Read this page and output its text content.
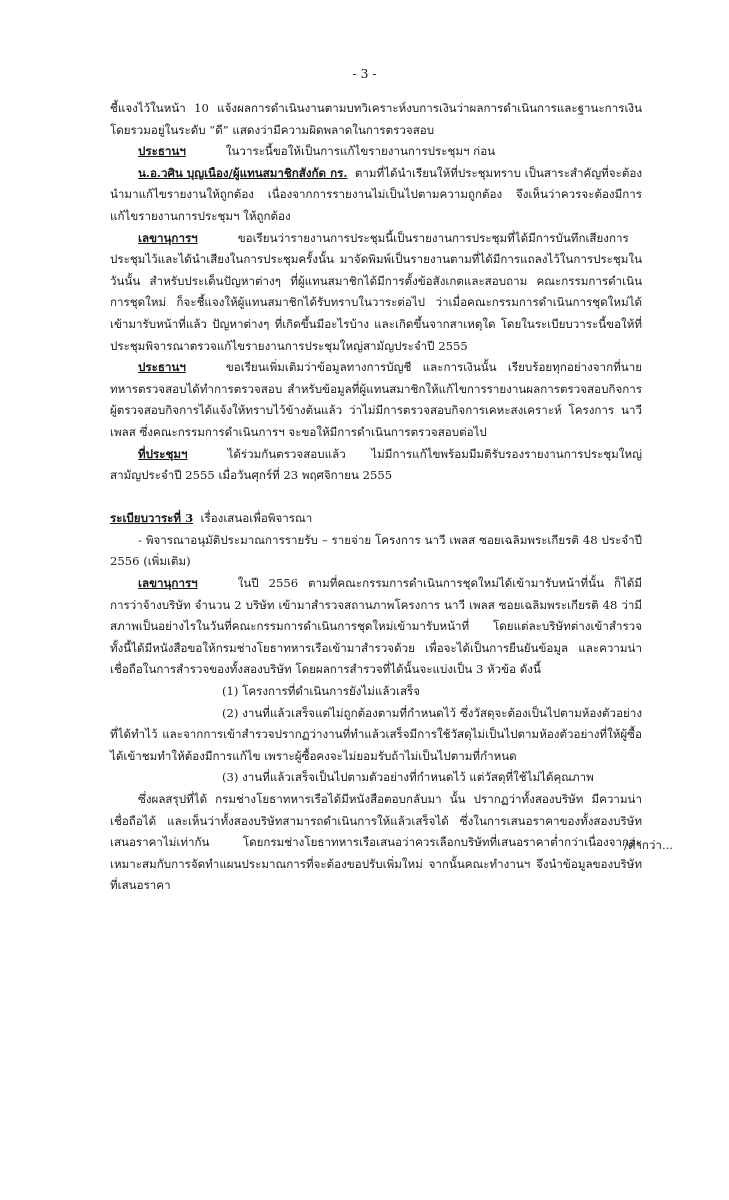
- 3 -

ชี้แจงไว้ในหน้า 10 แจ้งผลการดำเนินงานตามบทวิเคราะห์งบการเงินว่าผลการดำเนินการและฐานะการเงินโดยรวมอยู่ในระดับ “ดี” แสดงว่ามีความผิดพลาดในการตรวจสอบ

ประธานฯ	ในวาระนี้ขอให้เป็นการแก้ไขรายงานการประชุมฯ ก่อน

น.อ.วศิน บุญเนือง/ผู้แทนสมาชิกสังกัด กร. ตามที่ได้นำเรียนให้ที่ประชุมทราบ เป็นสาระสำคัญที่จะต้องนำมาแก้ไขรายงานให้ถูกต้อง เนื่องจากการรายงานไม่เป็นไปตามความถูกต้อง จึงเห็นว่าควรจะต้องมีการแก้ไขรายงานการประชุมฯ ให้ถูกต้อง

เลขานุการฯ	ขอเรียนว่ารายงานการประชุมนี้เป็นรายงานการประชุมที่ได้มีการบันทึกเสียงการประชุมไว้และได้นำเสียงในการประชุมครั้งนั้น มาจัดพิมพ์เป็นรายงานตามที่ได้มีการแถลงไว้ในการประชุมในวันนั้น สำหรับประเด็นปัญหาต่างๆ ที่ผู้แทนสมาชิกได้มีการตั้งข้อสังเกตและสอบถาม คณะกรรมการดำเนินการชุดใหม่ ก็จะชี้แจงให้ผู้แทนสมาชิกได้รับทราบในวาระต่อไป ว่าเมื่อคณะกรรมการดำเนินการชุดใหม่ได้เข้ามารับหน้าที่แล้ว ปัญหาต่างๆ ที่เกิดขึ้นมีอะไรบ้าง และเกิดขึ้นจากสาเหตุใด โดยในระเบียบวาระนี้ขอให้ที่ประชุมพิจารณาตรวจแก้ไขรายงานการประชุมใหญ่สามัญประจำปี 2555

ประธานฯ	ขอเรียนเพิ่มเติมว่าข้อมูลทางการบัญชี และการเงินนั้น เรียบร้อยทุกอย่างจากที่นายทหารตรวจสอบได้ทำการตรวจสอบ สำหรับข้อมูลที่ผู้แทนสมาชิกให้แก้ไขการรายงานผลการตรวจสอบกิจการผู้ตรวจสอบกิจการได้แจ้งให้ทราบไว้ข้างต้นแล้ว ว่าไม่มีการตรวจสอบกิจการเคหะสงเคราะห์ โครงการ นาวี เพลส ซึ่งคณะกรรมการดำเนินการฯ จะขอให้มีการดำเนินการตรวจสอบต่อไป

ที่ประชุมฯ	ได้ร่วมกันตรวจสอบแล้ว ไม่มีการแก้ไขพร้อมมีมติรับรองรายงานการประชุมใหญ่สามัญประจำปี 2555 เมื่อวันศุกร์ที่ 23 พฤศจิกายน 2555

ระเบียบวาระที่ 3 เรื่องเสนอเพื่อพิจารณา

- พิจารณาอนุมัติประมาณการรายรับ – รายจ่าย โครงการ นาวี เพลส ซอยเฉลิมพระเกียรติ 48 ประจำปี 2556 (เพิ่มเติม)

เลขานุการฯ	ในปี 2556 ตามที่คณะกรรมการดำเนินการชุดใหม่ได้เข้ามารับหน้าที่นั้น ก็ได้มีการว่าจ้างบริษัท จำนวน 2 บริษัท เข้ามาสำรวจสถานภาพโครงการ นาวี เพลส ซอยเฉลิมพระเกียรติ 48 ว่ามีสภาพเป็นอย่างไรในวันที่คณะกรรมการดำเนินการชุดใหม่เข้ามารับหน้าที่ โดยแต่ละบริษัทต่างเข้าสำรวจ ทั้งนี้ได้มีหนังสือขอให้กรมช่างโยธาทหารเรือเข้ามาสำรวจด้วย เพื่อจะได้เป็นการยืนยันข้อมูล และความน่าเชื่อถือในการสำรวจของทั้งสองบริษัท โดยผลการสำรวจที่ได้นั้นจะแบ่งเป็น 3 หัวข้อ ดังนี้

(1) โครงการที่ดำเนินการยังไม่แล้วเสร็จ

(2) งานที่แล้วเสร็จแต่ไม่ถูกต้องตามที่กำหนดไว้ ซึ่งวัสดุจะต้องเป็นไปตามห้องตัวอย่างที่ได้ทำไว้ และจากการเข้าสำรวจปรากฏว่างานที่ทำแล้วเสร็จมีการใช้วัสดุไม่เป็นไปตามห้องตัวอย่างที่ให้ผู้ซื้อได้เข้าชมทำให้ต้องมีการแก้ไข เพราะผู้ซื้อคงจะไม่ยอมรับถ้าไม่เป็นไปตามที่กำหนด

(3) งานที่แล้วเสร็จเป็นไปตามตัวอย่างที่กำหนดไว้ แต่วัสดุที่ใช้ไม่ได้คุณภาพ

ซึ่งผลสรุปที่ได้ กรมช่างโยธาทหารเรือได้มีหนังสือตอบกลับมา นั้น ปรากฏว่าทั้งสองบริษัท มีความน่าเชื่อถือได้ และเห็นว่าทั้งสองบริษัทสามารถดำเนินการให้แล้วเสร็จได้ ซึ่งในการเสนอราคาของทั้งสองบริษัทเสนอราคาไม่เท่ากัน โดยกรมช่างโยธาทหารเรือเสนอว่าควรเลือกบริษัทที่เสนอราคาต่ำกว่าเนื่องจากจะเหมาะสมกับการจัดทำแผนประมาณการที่จะต้องขอปรับเพิ่มใหม่ จากนั้นคณะทำงานฯ จึงนำข้อมูลของบริษัทที่เสนอราคา

/ต่ำกว่า...
